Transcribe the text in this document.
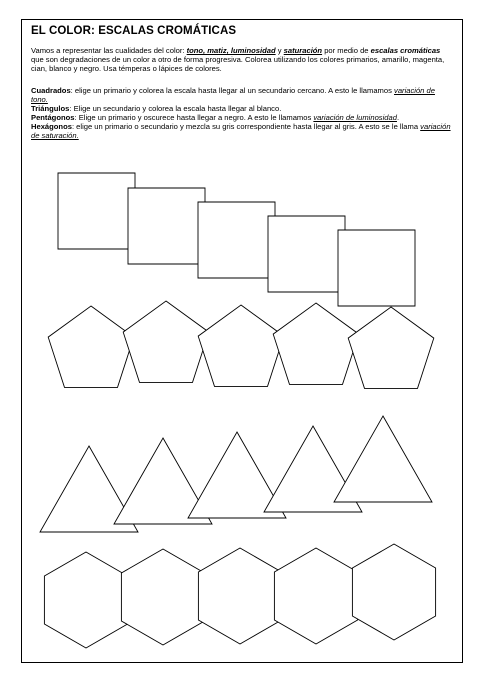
EL COLOR: ESCALAS CROMÁTICAS
Vamos a representar las cualidades del color: tono, matiz, luminosidad y saturación por medio de escalas cromáticas que son degradaciones de un color a otro de forma progresiva. Colorea utilizando los colores primarios, amarillo, magenta, cian, blanco y negro. Usa témperas o lápices de colores.
Cuadrados: elige un primario y colorea la escala hasta llegar al un secundario cercano. A esto le llamamos variación de tono.
Triángulos: Elige un secundario y colorea la escala hasta llegar al blanco.
Pentágonos: Elige un primario y oscurece hasta llegar a negro. A esto le llamamos variación de luminosidad.
Hexágonos: elige un primario o secundario y mezcla su gris correspondiente hasta llegar al gris. A esto se le llama variación de saturación.
